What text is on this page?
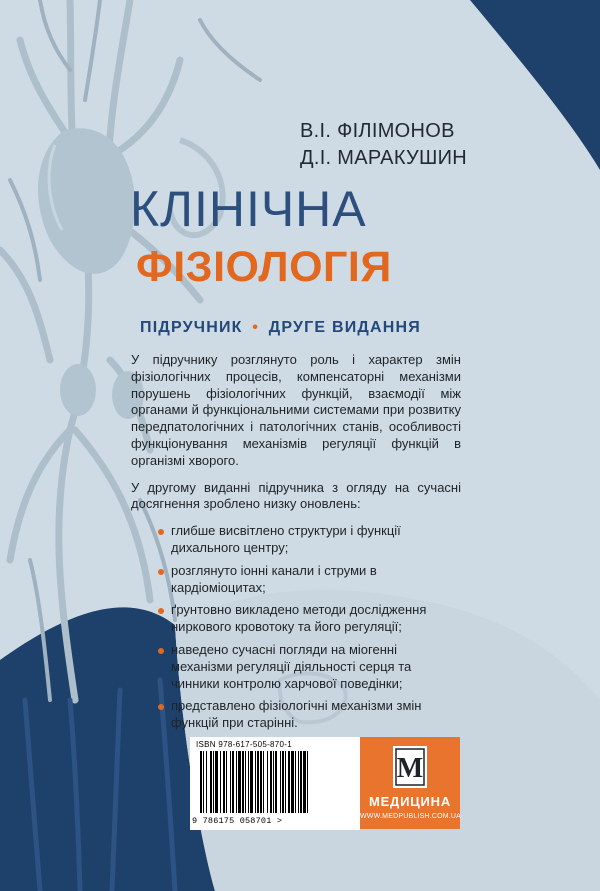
В.І. ФІЛІМОНОВ
Д.І. МАРАКУШИН
КЛІНІЧНА
ФІЗІОЛОГІЯ
ПІДРУЧНИК • ДРУГЕ ВИДАННЯ

У підручнику розглянуто роль і характер змін фізіологічних процесів, компенсаторні механізми порушень фізіологічних функцій, взаємодії між органами й функціональними системами при розвитку передпатологічних і патологічних станів, особливості функціонування механізмів регуляції функцій в організмі хворого.

У другому виданні підручника з огляду на сучасні досягнення зроблено низку оновлень:

глибше висвітлено структури і функції дихального центру;
розглянуто іонні канали і струми в кардіоміоцитах;
ґрунтовно викладено методи дослідження ниркового кровотоку та його регуляції;
наведено сучасні погляди на міогенні механізми регуляції діяльності серця та чинники контролю харчової поведінки;
представлено фізіологічні механізми змін функцій при старінні.
ISBN 978-617-505-870-1
9 786175 058701 >
M
МЕДИЦИНА
WWW.MEDPUBLISH.COM.UA
